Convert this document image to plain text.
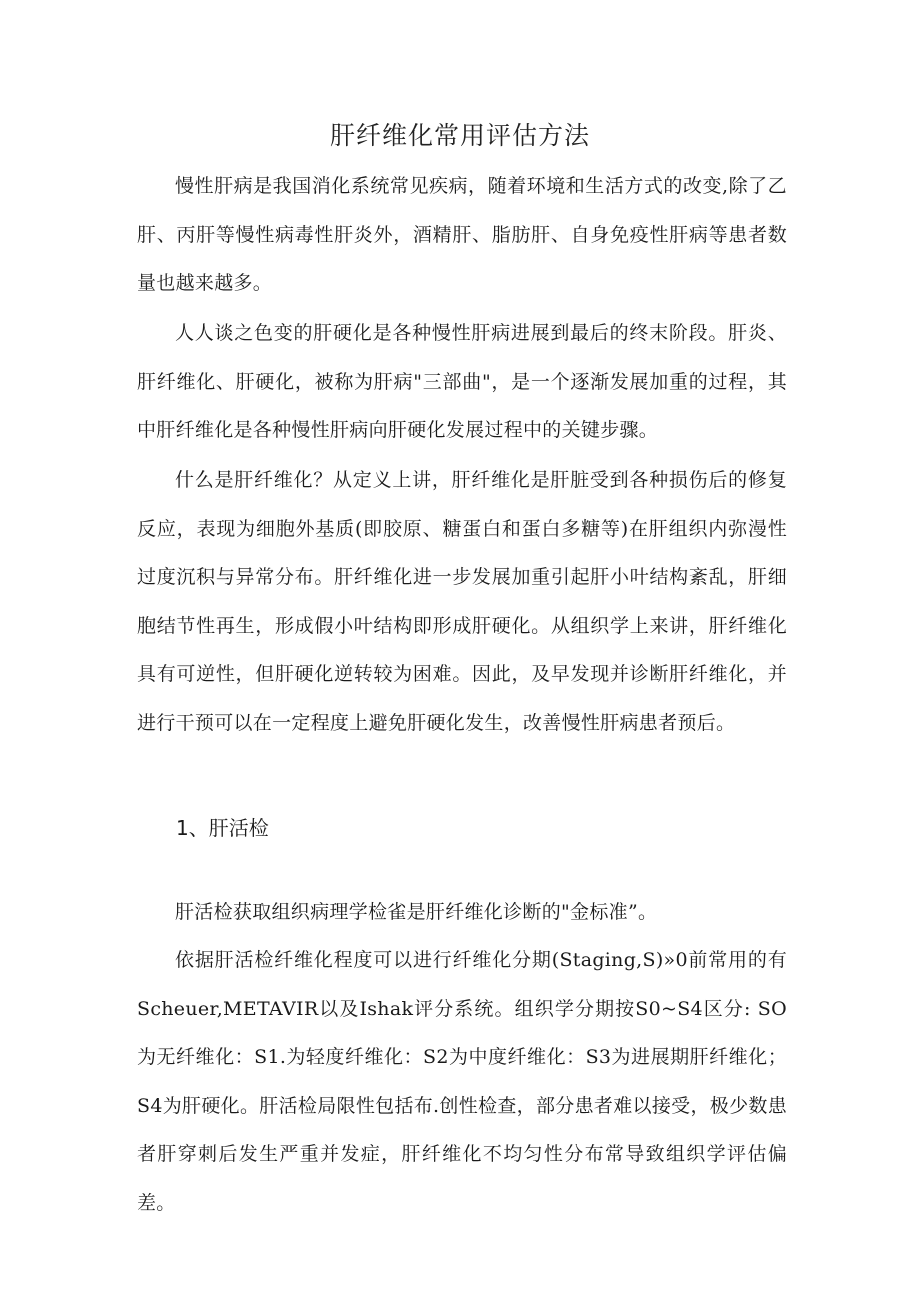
肝纤维化常用评估方法

慢性肝病是我国消化系统常见疾病，随着环境和生活方式的改变,除了乙肝、丙肝等慢性病毒性肝炎外，酒精肝、脂肪肝、自身免疫性肝病等患者数量也越来越多。

人人谈之色变的肝硬化是各种慢性肝病进展到最后的终末阶段。肝炎、肝纤维化、肝硬化，被称为肝病"三部曲"，是一个逐渐发展加重的过程，其中肝纤维化是各种慢性肝病向肝硬化发展过程中的关键步骤。

什么是肝纤维化？从定义上讲，肝纤维化是肝脏受到各种损伤后的修复反应，表现为细胞外基质(即胶原、糖蛋白和蛋白多糖等)在肝组织内弥漫性过度沉积与异常分布。肝纤维化进一步发展加重引起肝小叶结构紊乱，肝细胞结节性再生，形成假小叶结构即形成肝硬化。从组织学上来讲，肝纤维化具有可逆性，但肝硬化逆转较为困难。因此，及早发现并诊断肝纤维化，并进行干预可以在一定程度上避免肝硬化发生，改善慢性肝病患者预后。

1、肝活检

肝活检获取组织病理学检雀是肝纤维化诊断的"金标准”。

依据肝活检纤维化程度可以进行纤维化分期(Staging,S)»0前常用的有Scheuer,METAVIR以及Ishak评分系统。组织学分期按S0~S4区分: SO为无纤维化：S1.为轻度纤维化：S2为中度纤维化：S3为进展期肝纤维化；S4为肝硬化。肝活检局限性包括布.创性检查，部分患者难以接受，极少数患者肝穿刺后发生严重并发症，肝纤维化不均匀性分布常导致组织学评估偏差。
